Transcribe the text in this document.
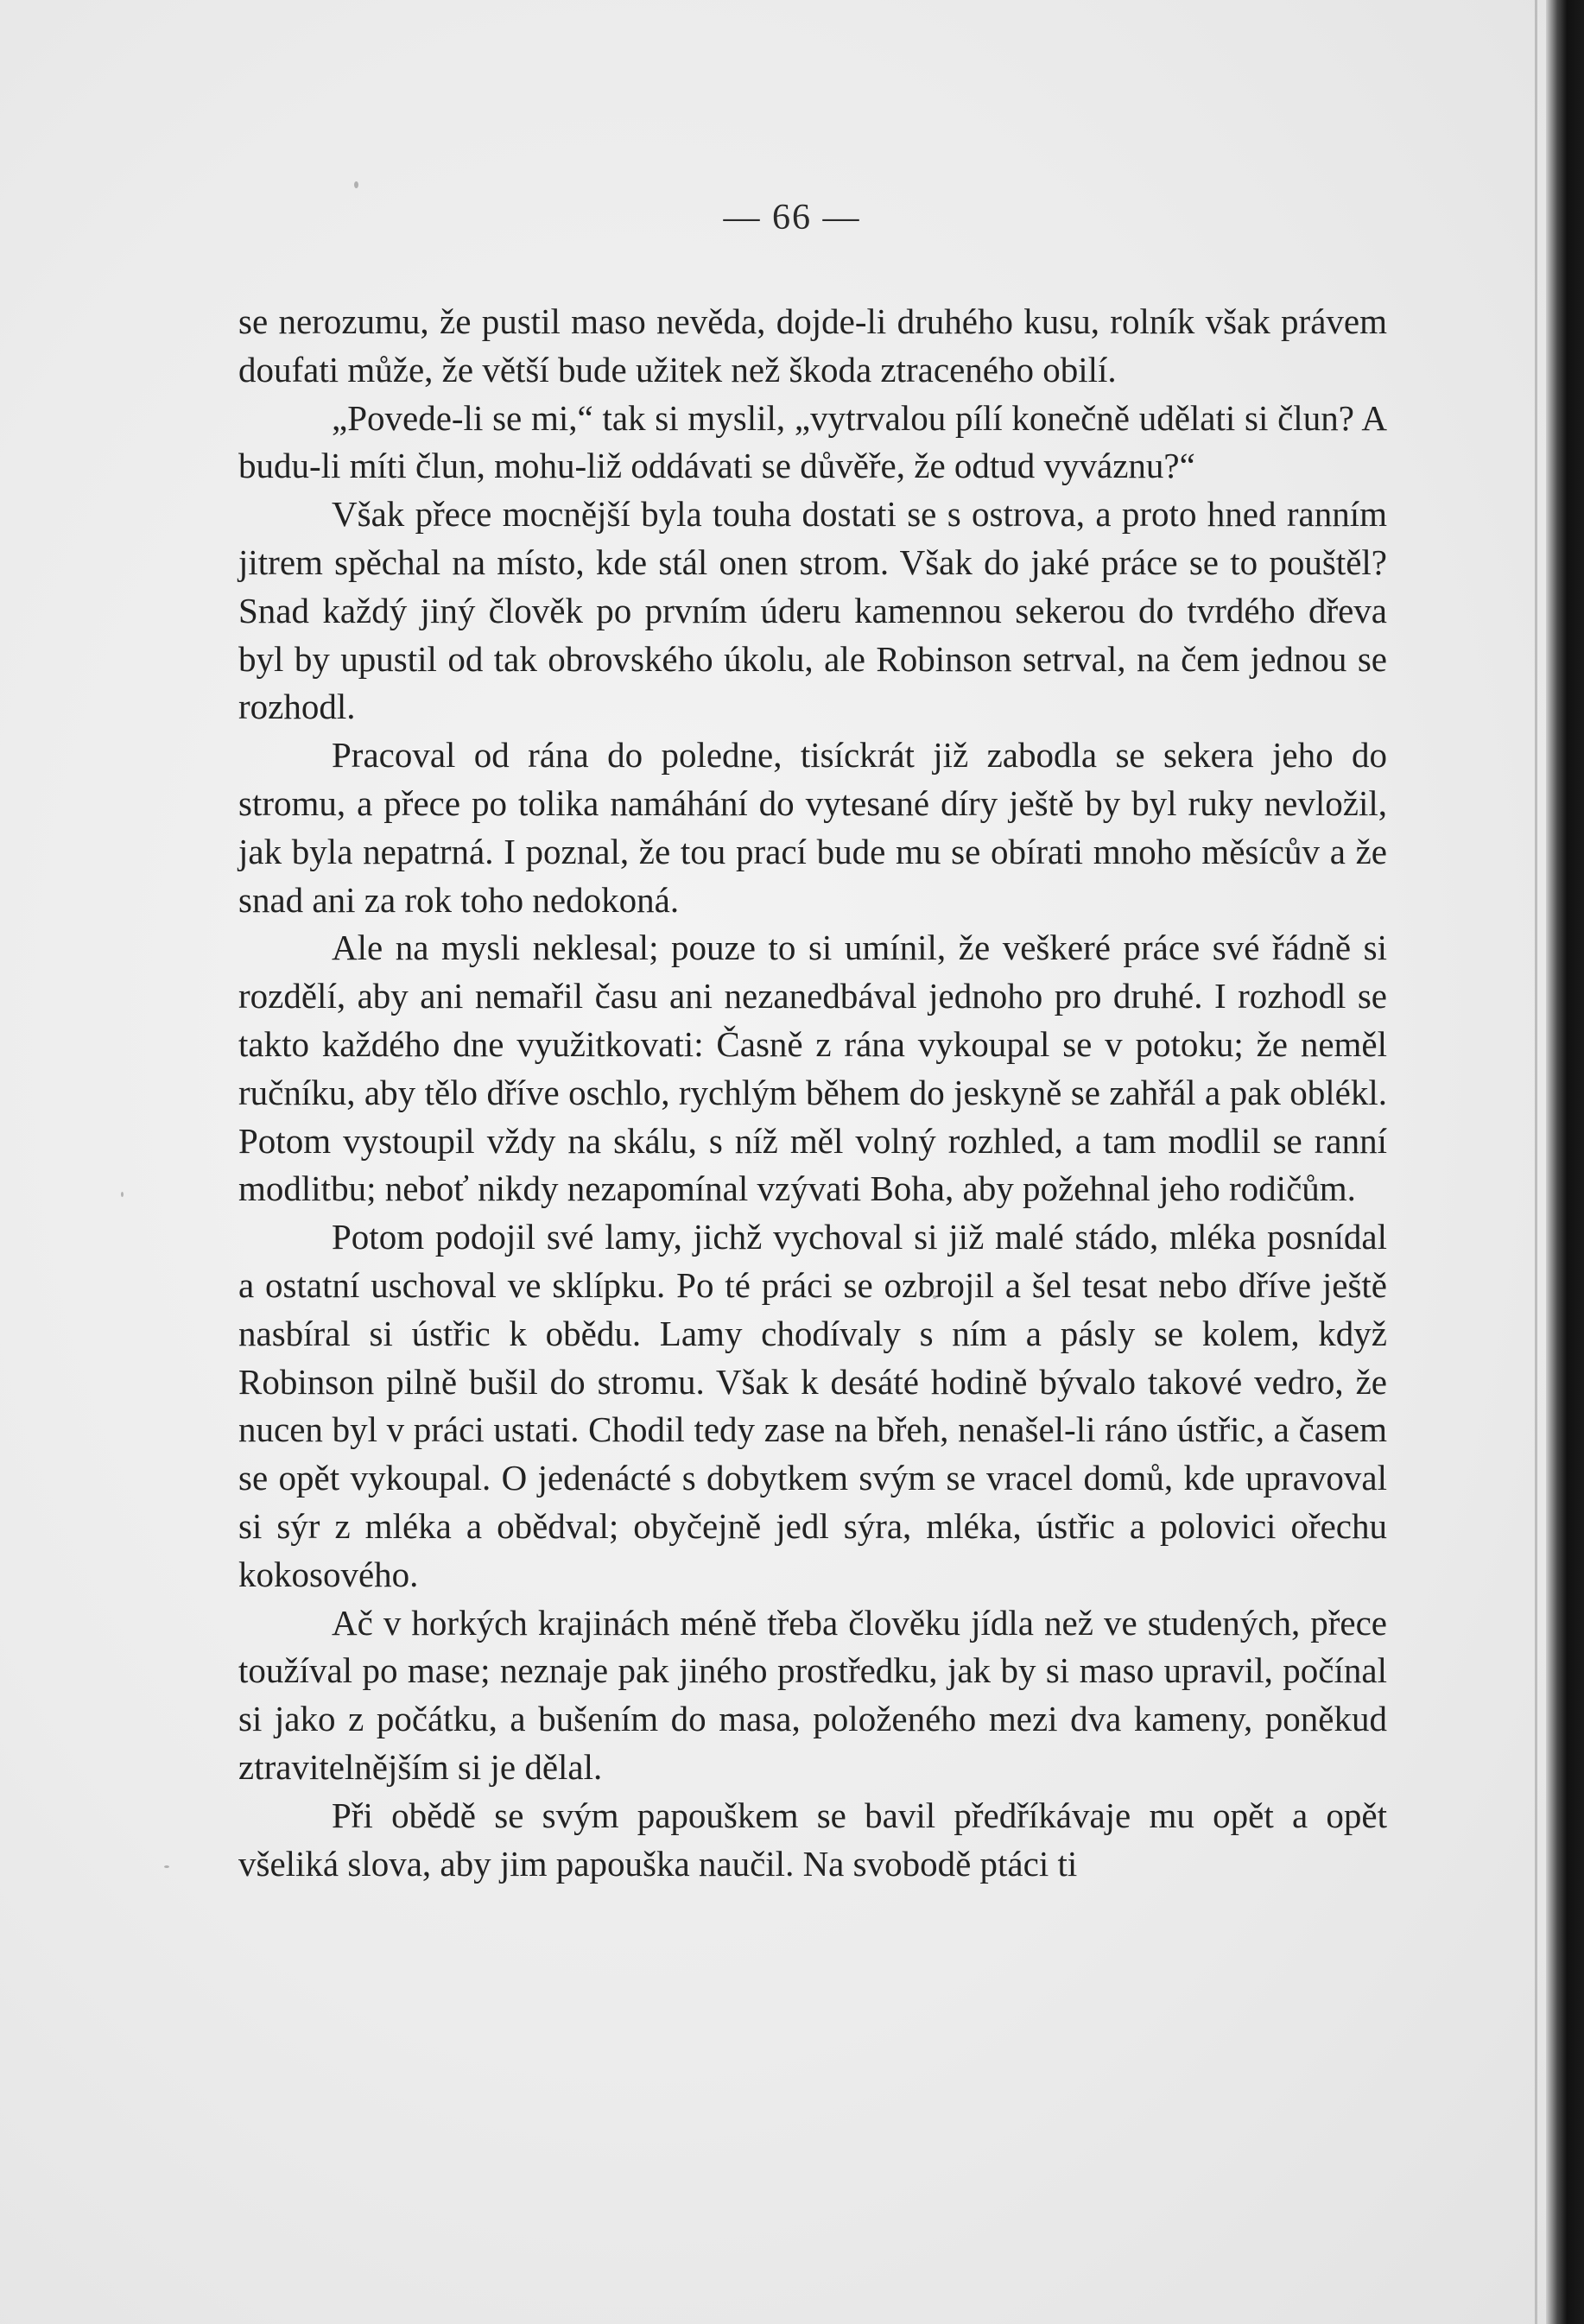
— 66 —

se nerozumu, že pustil maso nevěda, dojde-li druhého kusu, rolník však právem doufati může, že větší bude užitek než škoda ztraceného obilí.

„Povede-li se mi,“ tak si myslil, „vytrvalou pílí konečně udělati si člun? A budu-li míti člun, mohu-liž oddávati se důvěře, že odtud vyváznu?“

Však přece mocnější byla touha dostati se s ostrova, a proto hned ranním jitrem spěchal na místo, kde stál onen strom. Však do jaké práce se to pouštěl? Snad každý jiný člověk po prvním úderu kamennou sekerou do tvrdého dřeva byl by upustil od tak obrovského úkolu, ale Robinson setrval, na čem jednou se rozhodl.

Pracoval od rána do poledne, tisíckrát již zabodla se sekera jeho do stromu, a přece po tolika namáhání do vytesané díry ještě by byl ruky nevložil, jak byla nepatrná. I poznal, že tou prací bude mu se obírati mnoho měsícův a že snad ani za rok toho nedokoná.

Ale na mysli neklesal; pouze to si umínil, že veškeré práce své řádně si rozdělí, aby ani nemařil času ani nezanedbával jednoho pro druhé. I rozhodl se takto každého dne využitkovati: Časně z rána vykoupal se v potoku; že neměl ručníku, aby tělo dříve oschlo, rychlým během do jeskyně se zahřál a pak oblékl. Potom vystoupil vždy na skálu, s níž měl volný rozhled, a tam modlil se ranní modlitbu; neboť nikdy nezapomínal vzývati Boha, aby požehnal jeho rodičům.

Potom podojil své lamy, jichž vychoval si již malé stádo, mléka posnídal a ostatní uschoval ve sklípku. Po té práci se ozbrojil a šel tesat nebo dříve ještě nasbíral si ústřic k obědu. Lamy chodívaly s ním a pásly se kolem, když Robinson pilně bušil do stromu. Však k desáté hodině bývalo takové vedro, že nucen byl v práci ustati. Chodil tedy zase na břeh, nenašel-li ráno ústřic, a časem se opět vykoupal. O jedenácté s dobytkem svým se vracel domů, kde upravoval si sýr z mléka a obědval; obyčejně jedl sýra, mléka, ústřic a polovici ořechu kokosového.

Ač v horkých krajinách méně třeba člověku jídla než ve studených, přece toužíval po mase; neznaje pak jiného prostředku, jak by si maso upravil, počínal si jako z počátku, a bušením do masa, položeného mezi dva kameny, poněkud ztravitelnějším si je dělal.

Při obědě se svým papouškem se bavil předříkávaje mu opět a opět všeliká slova, aby jim papouška naučil. Na svobodě ptáci ti
